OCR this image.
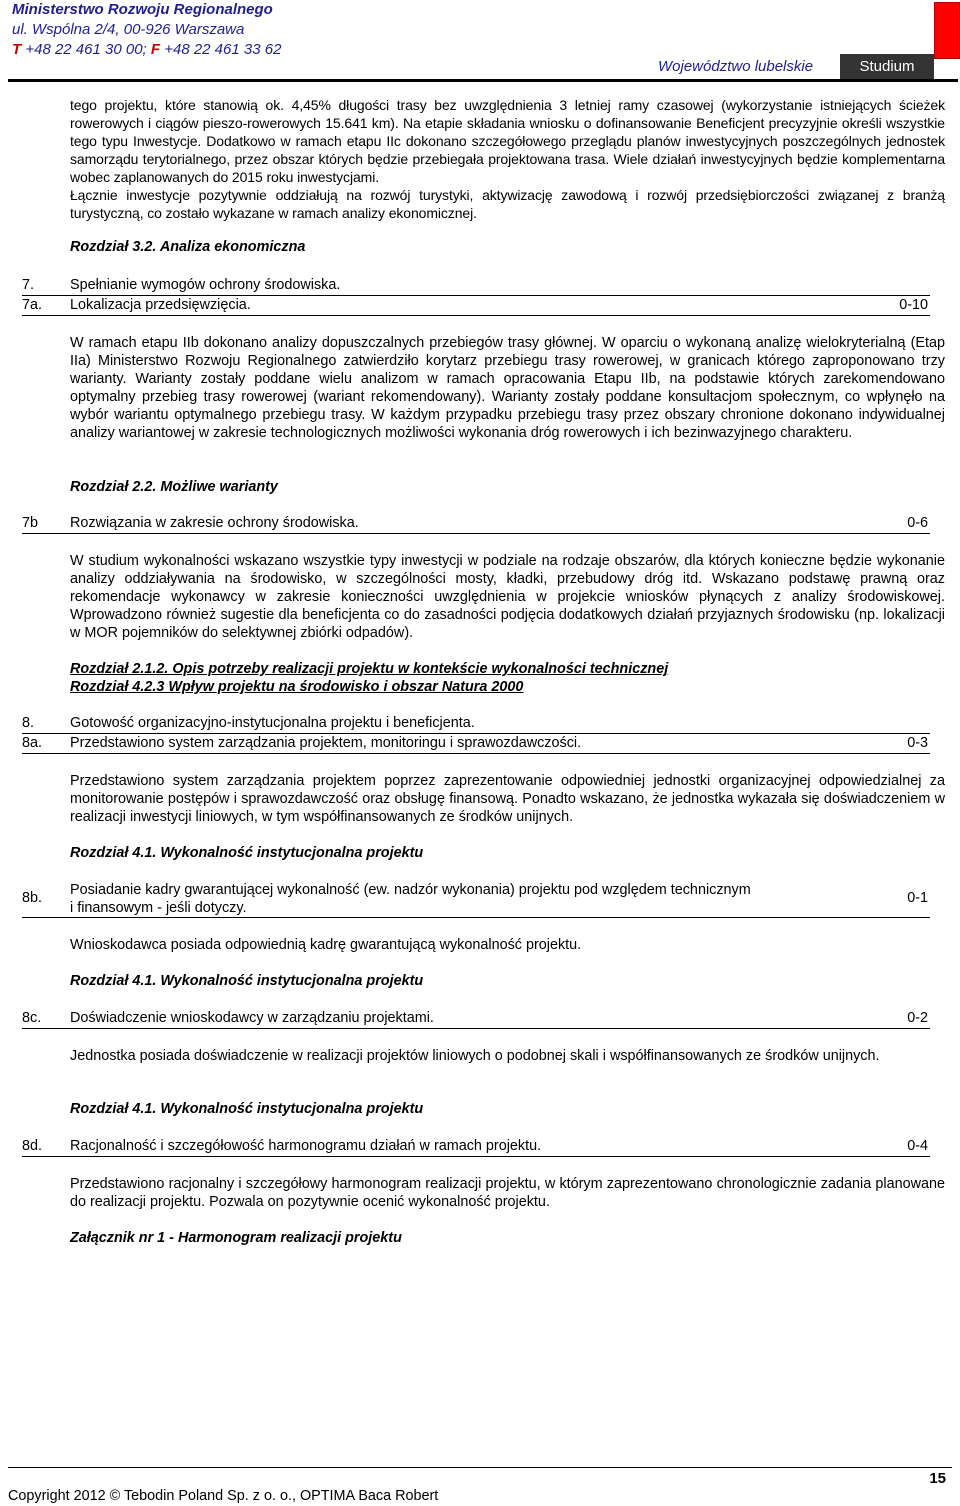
Ministerstwo Rozwoju Regionalnego
ul. Wspólna 2/4, 00-926 Warszawa
T +48 22 461 30 00; F +48 22 461 33 62
Województwo lubelskie	Studium
tego projektu, które stanowią ok. 4,45% długości trasy bez uwzględnienia 3 letniej ramy czasowej (wykorzystanie istniejących ścieżek rowerowych i ciągów pieszo-rowerowych 15.641 km). Na etapie składania wniosku o dofinansowanie Beneficjent precyzyjnie określi wszystkie tego typu Inwestycje. Dodatkowo w ramach etapu IIc dokonano szczegółowego przeglądu planów inwestycyjnych poszczególnych jednostek samorządu terytorialnego, przez obszar których będzie przebiegała projektowana trasa. Wiele działań inwestycyjnych będzie komplementarna wobec zaplanowanych do 2015 roku inwestycjami.
Łącznie inwestycje pozytywnie oddziałują na rozwój turystyki, aktywizację zawodową i rozwój przedsiębiorczości związanej z branżą turystyczną, co zostało wykazane w ramach analizy ekonomicznej.
Rozdział 3.2. Analiza ekonomiczna
7. Spełnianie wymogów ochrony środowiska.
7a. Lokalizacja przedsięwzięcia.	0-10
W ramach etapu IIb dokonano analizy dopuszczalnych przebiegów trasy głównej. W oparciu o wykonaną analizę wielokryterialną (Etap IIa) Ministerstwo Rozwoju Regionalnego zatwierdziło korytarz przebiegu trasy rowerowej, w granicach którego zaproponowano trzy warianty. Warianty zostały poddane wielu analizom w ramach opracowania Etapu IIb, na podstawie których zarekomendowano optymalny przebieg trasy rowerowej (wariant rekomendowany). Warianty zostały poddane konsultacjom społecznym, co wpłynęło na wybór wariantu optymalnego przebiegu trasy. W każdym przypadku przebiegu trasy przez obszary chronione dokonano indywidualnej analizy wariantowej w zakresie technologicznych możliwości wykonania dróg rowerowych i ich bezinwazyjnego charakteru.
Rozdział 2.2. Możliwe warianty
7b Rozwiązania w zakresie ochrony środowiska.	0-6
W studium wykonalności wskazano wszystkie typy inwestycji w podziale na rodzaje obszarów, dla których konieczne będzie wykonanie analizy oddziaływania na środowisko, w szczególności mosty, kładki, przebudowy dróg itd. Wskazano podstawę prawną oraz rekomendacje wykonawcy w zakresie konieczności uwzględnienia w projekcie wniosków płynących z analizy środowiskowej. Wprowadzono również sugestie dla beneficjenta co do zasadności podjęcia dodatkowych działań przyjaznych środowisku (np. lokalizacji w MOR pojemników do selektywnej zbiórki odpadów).
Rozdział 2.1.2. Opis potrzeby realizacji projektu w kontekście wykonalności technicznej
Rozdział 4.2.3 Wpływ projektu na środowisko i obszar Natura 2000
8. Gotowość organizacyjno-instytucjonalna projektu i beneficjenta.
8a. Przedstawiono system zarządzania projektem, monitoringu i sprawozdawczości.	0-3
Przedstawiono system zarządzania projektem poprzez zaprezentowanie odpowiedniej jednostki organizacyjnej odpowiedzialnej za monitorowanie postępów i sprawozdawczość oraz obsługę finansową. Ponadto wskazano, że jednostka wykazała się doświadczeniem w realizacji inwestycji liniowych, w tym współfinansowanych ze środków unijnych.
Rozdział 4.1. Wykonalność instytucjonalna projektu
8b. Posiadanie kadry gwarantującej wykonalność (ew. nadzór wykonania) projektu pod względem technicznym
i finansowym - jeśli dotyczy.
0-1
Wnioskodawca posiada odpowiednią kadrę gwarantującą wykonalność projektu.
Rozdział 4.1. Wykonalność instytucjonalna projektu
8c. Doświadczenie wnioskodawcy w zarządzaniu projektami.	0-2
Jednostka posiada doświadczenie w realizacji projektów liniowych o podobnej skali i współfinansowanych ze środków unijnych.
Rozdział 4.1. Wykonalność instytucjonalna projektu
8d. Racjonalność i szczegółowość harmonogramu działań w ramach projektu.	0-4
Przedstawiono racjonalny i szczegółowy harmonogram realizacji projektu, w którym zaprezentowano chronologicznie zadania planowane do realizacji projektu. Pozwala on pozytywnie ocenić wykonalność projektu.
Załącznik nr 1 - Harmonogram realizacji projektu
15
Copyright 2012 © Tebodin Poland Sp. z o. o., OPTIMA Baca Robert
